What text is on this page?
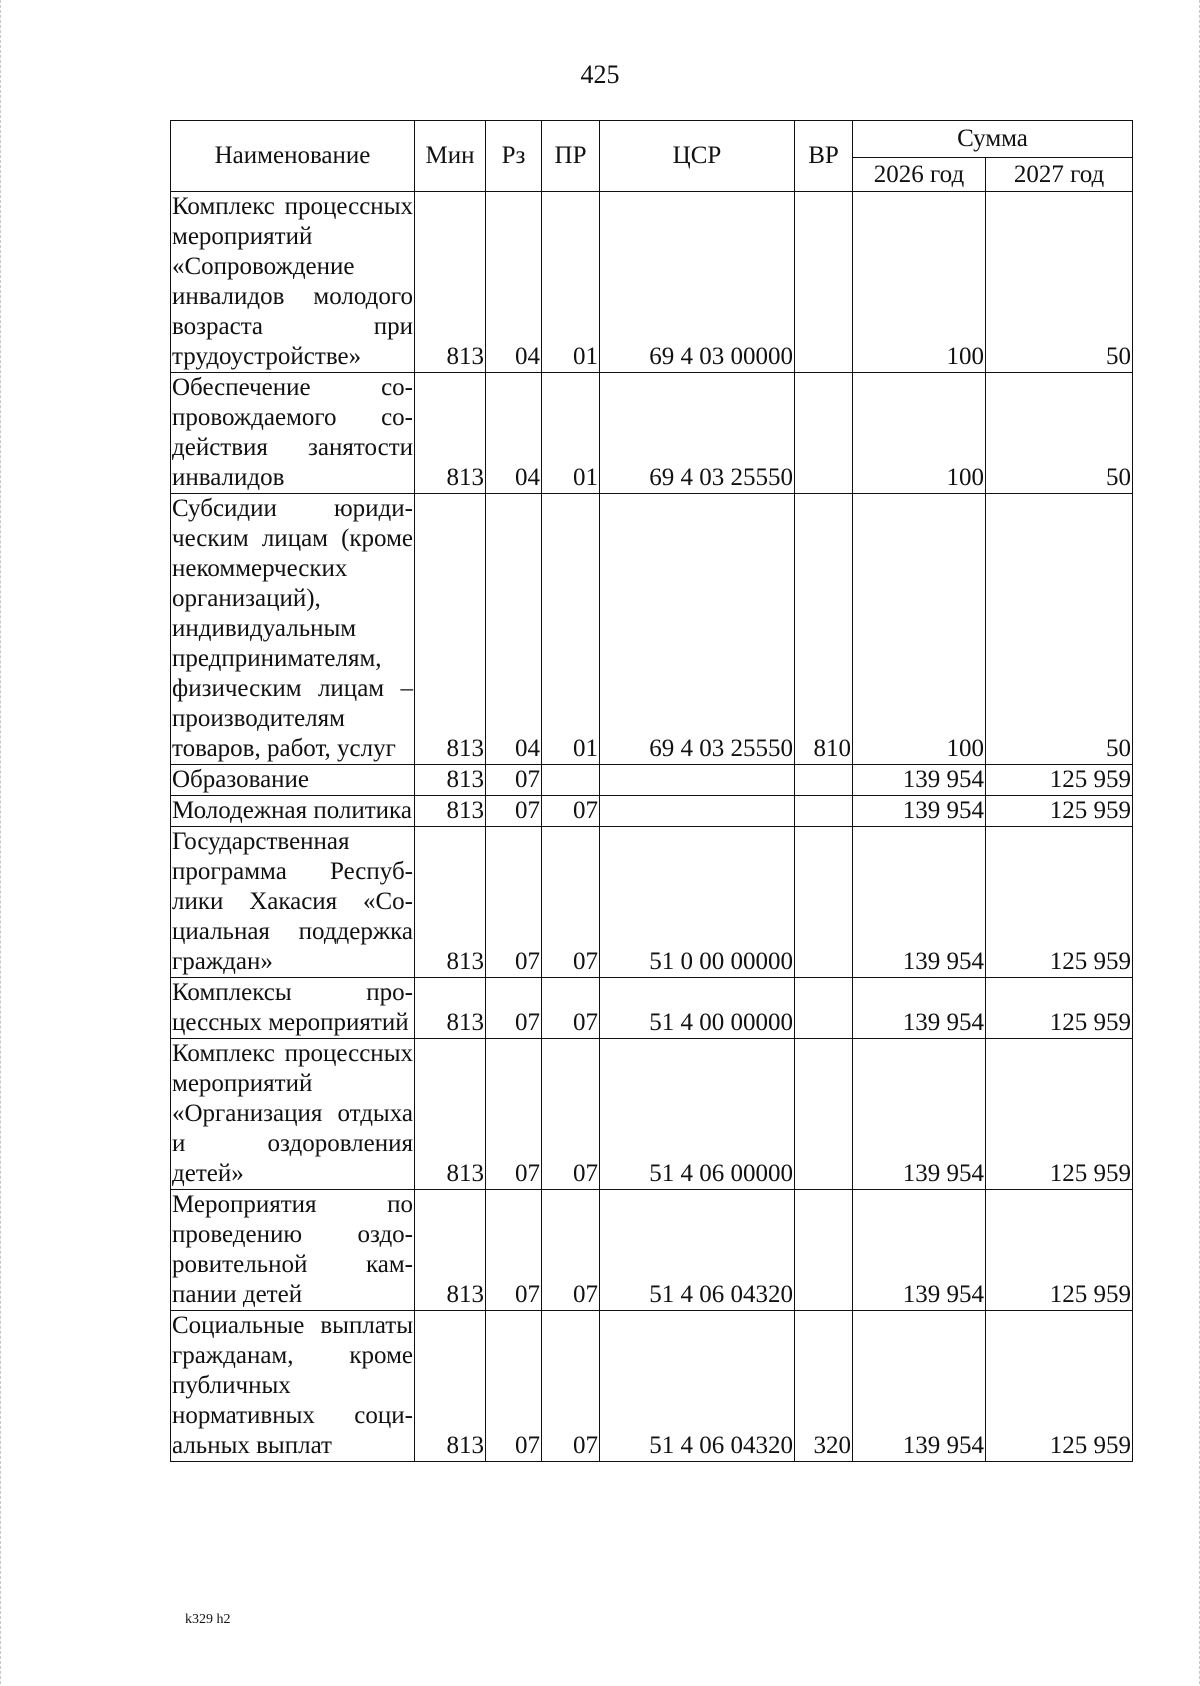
425
Наименование	Мин	Рз	ПР	ЦСР	ВР	Сумма	
						2026 год	2027 год
Комплекс процессных мероприятий «Сопровождение инвалидов молодого возраста при трудоустройстве»	813	04	01	69 4 03 00000		100	50
Обеспечение сопровождаемого содействия занятости инвалидов	813	04	01	69 4 03 25550		100	50
Субсидии юридическим лицам (кроме некоммерческих организаций), индивидуальным предпринимателям, физическим лицам – производителям товаров, работ, услуг	813	04	01	69 4 03 25550	810	100	50
Образование	813	07				139 954	125 959
Молодежная политика	813	07	07			139 954	125 959
Государственная программа Республики Хакасия «Социальная поддержка граждан»	813	07	07	51 0 00 00000		139 954	125 959
Комплексы процессных мероприятий	813	07	07	51 4 00 00000		139 954	125 959
Комплекс процессных мероприятий «Организация отдыха и оздоровления детей»	813	07	07	51 4 06 00000		139 954	125 959
Мероприятия по проведению оздоровительной кампании детей	813	07	07	51 4 06 04320		139 954	125 959
Социальные выплаты гражданам, кроме публичных нормативных социальных выплат	813	07	07	51 4 06 04320	320	139 954	125 959
k329 h2
